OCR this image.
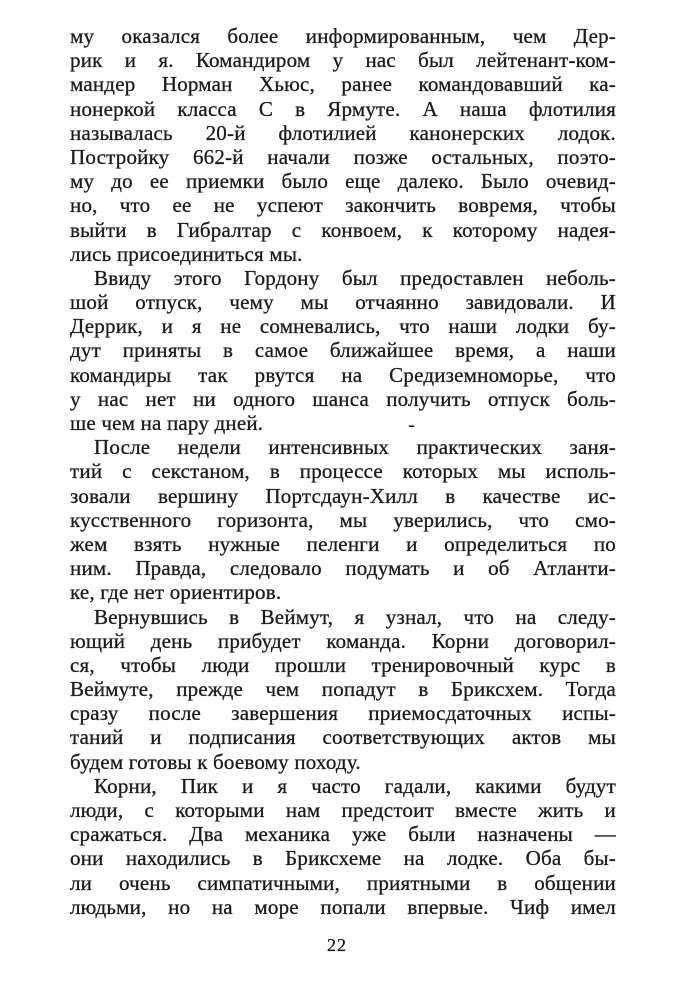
му оказался более информированным, чем Дер-
рик и я. Командиром у нас был лейтенант-ком-
мандер Норман Хьюс, ранее командовавший ка-
нонеркой класса С в Ярмуте. А наша флотилия
называлась 20-й флотилией канонерских лодок.
Постройку 662-й начали позже остальных, поэто-
му до ее приемки было еще далеко. Было очевид-
но, что ее не успеют закончить вовремя, чтобы
выйти в Гибралтар с конвоем, к которому надея-
лись присоединиться мы.
Ввиду этого Гордону был предоставлен неболь-
шой отпуск, чему мы отчаянно завидовали. И
Деррик, и я не сомневались, что наши лодки бу-
дут приняты в самое ближайшее время, а наши
командиры так рвутся на Средиземноморье, что
у нас нет ни одного шанса получить отпуск боль-
ше чем на пару дней.
После недели интенсивных практических заня-
тий с секстаном, в процессе которых мы исполь-
зовали вершину Портсдаун-Хилл в качестве ис-
кусственного горизонта, мы уверились, что смо-
жем взять нужные пеленги и определиться по
ним. Правда, следовало подумать и об Атланти-
ке, где нет ориентиров.
Вернувшись в Веймут, я узнал, что на следу-
ющий день прибудет команда. Корни договорил-
ся, чтобы люди прошли тренировочный курс в
Веймуте, прежде чем попадут в Бриксхем. Тогда
сразу после завершения приемосдаточных испы-
таний и подписания соответствующих актов мы
будем готовы к боевому походу.
Корни, Пик и я часто гадали, какими будут
люди, с которыми нам предстоит вместе жить и
сражаться. Два механика уже были назначены —
они находились в Бриксхеме на лодке. Оба бы-
ли очень симпатичными, приятными в общении
людьми, но на море попали впервые. Чиф имел
-
22
